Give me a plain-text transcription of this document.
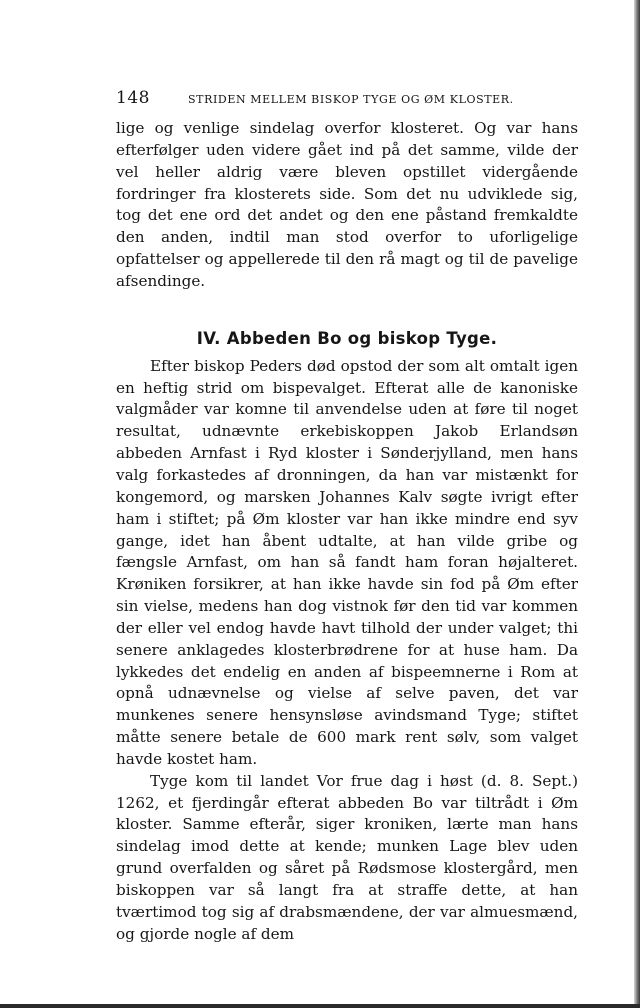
148	STRIDEN MELLEM BISKOP TYGE OG ØM KLOSTER.

lige og venlige sindelag overfor klosteret. Og var hans efterfølger uden videre gået ind på det samme, vilde der vel heller aldrig være bleven opstillet vidergående fordringer fra klosterets side. Som det nu udviklede sig, tog det ene ord det andet og den ene påstand fremkaldte den anden, indtil man stod overfor to uforligelige opfattelser og appellerede til den rå magt og til de pavelige afsendinge.

IV. Abbeden Bo og biskop Tyge.

Efter biskop Peders død opstod der som alt omtalt igen en heftig strid om bispevalget. Efterat alle de kanoniske valgmåder var komne til anvendelse uden at føre til noget resultat, udnævnte erkebiskoppen Jakob Erlandsøn abbeden Arnfast i Ryd kloster i Sønderjylland, men hans valg forkastedes af dronningen, da han var mistænkt for kongemord, og marsken Johannes Kalv søgte ivrigt efter ham i stiftet; på Øm kloster var han ikke mindre end syv gange, idet han åbent udtalte, at han vilde gribe og fængsle Arnfast, om han så fandt ham foran højalteret. Krøniken forsikrer, at han ikke havde sin fod på Øm efter sin vielse, medens han dog vistnok før den tid var kommen der eller vel endog havde havt tilhold der under valget; thi senere anklagedes klosterbrødrene for at huse ham. Da lykkedes det endelig en anden af bispeemnerne i Rom at opnå udnævnelse og vielse af selve paven, det var munkenes senere hensynsløse avindsmand Tyge; stiftet måtte senere betale de 600 mark rent sølv, som valget havde kostet ham.

Tyge kom til landet Vor frue dag i høst (d. 8. Sept.) 1262, et fjerdingår efterat abbeden Bo var tiltrådt i Øm kloster. Samme efterår, siger kroniken, lærte man hans sindelag imod dette at kende; munken Lage blev uden grund overfalden og såret på Rødsmose klostergård, men biskoppen var så langt fra at straffe dette, at han tværtimod tog sig af drabsmændene, der var almuesmænd, og gjorde nogle af dem
